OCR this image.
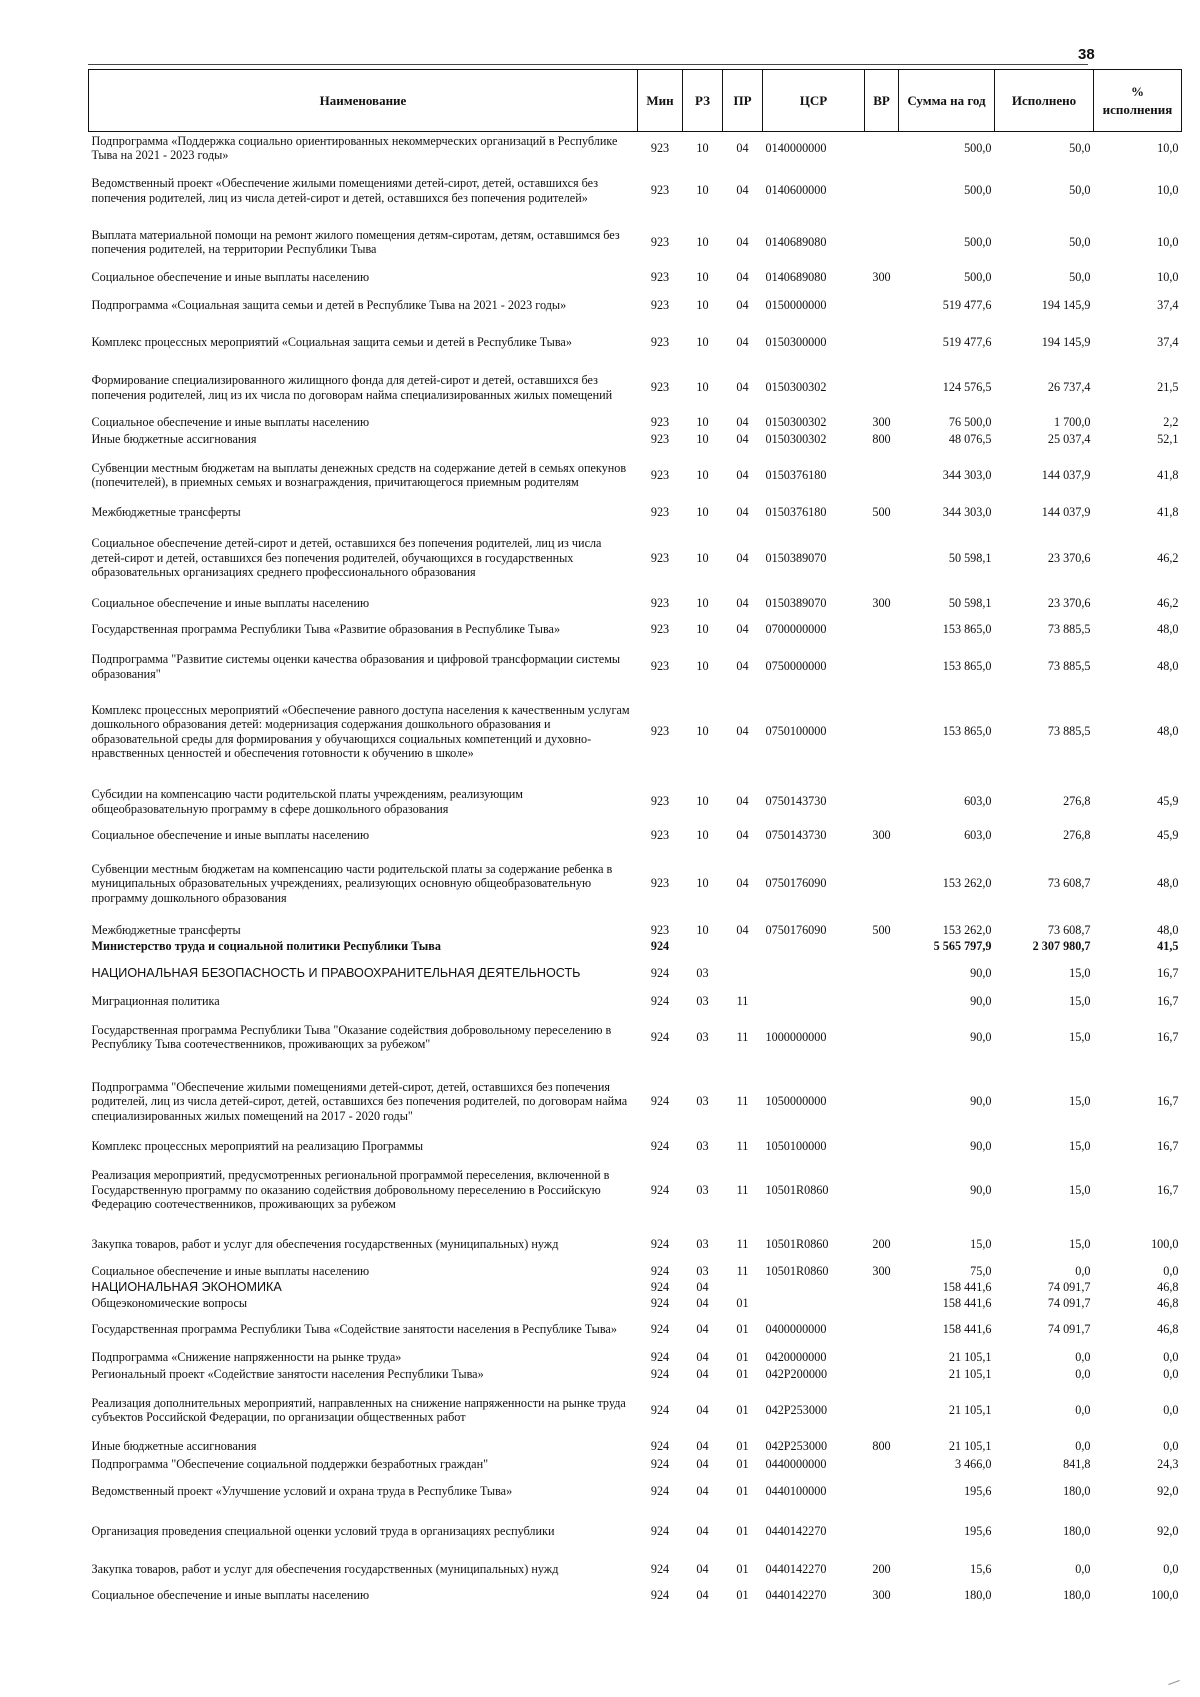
38
Наименование	Мин	РЗ	ПР	ЦСР	ВР	Сумма на год	Исполнено	% исполнения
Подпрограмма «Поддержка социально ориентированных некоммерческих организаций в Республике Тыва на 2021 - 2023 годы»	923	10	04	0140000000		500,0	50,0	10,0
Ведомственный проект «Обеспечение жилыми помещениями детей-сирот, детей, оставшихся без попечения родителей, лиц из числа детей-сирот и детей, оставшихся без попечения родителей»	923	10	04	0140600000		500,0	50,0	10,0
Выплата материальной помощи на ремонт жилого помещения детям-сиротам, детям, оставшимся без попечения родителей, на территории Республики Тыва	923	10	04	0140689080		500,0	50,0	10,0
Социальное обеспечение и иные выплаты населению	923	10	04	0140689080	300	500,0	50,0	10,0
Подпрограмма «Социальная защита семьи и детей в Республике Тыва на 2021 - 2023 годы»	923	10	04	0150000000		519 477,6	194 145,9	37,4
Комплекс процессных мероприятий «Социальная защита семьи и детей в Республике Тыва»	923	10	04	0150300000		519 477,6	194 145,9	37,4
Формирование специализированного жилищного фонда для детей-сирот и детей, оставшихся без попечения родителей, лиц из их числа по договорам найма специализированных жилых помещений	923	10	04	0150300302		124 576,5	26 737,4	21,5
Социальное обеспечение и иные выплаты населению	923	10	04	0150300302	300	76 500,0	1 700,0	2,2
Иные бюджетные ассигнования	923	10	04	0150300302	800	48 076,5	25 037,4	52,1
Субвенции местным бюджетам на выплаты денежных средств на содержание детей в семьях опекунов (попечителей), в приемных семьях и вознаграждения, причитающегося приемным родителям	923	10	04	0150376180		344 303,0	144 037,9	41,8
Межбюджетные трансферты	923	10	04	0150376180	500	344 303,0	144 037,9	41,8
Социальное обеспечение детей-сирот и детей, оставшихся без попечения родителей, лиц из числа детей-сирот и детей, оставшихся без попечения родителей, обучающихся в государственных образовательных организациях среднего профессионального образования	923	10	04	0150389070		50 598,1	23 370,6	46,2
Социальное обеспечение и иные выплаты населению	923	10	04	0150389070	300	50 598,1	23 370,6	46,2
Государственная программа Республики Тыва «Развитие образования в Республике Тыва»	923	10	04	0700000000		153 865,0	73 885,5	48,0
Подпрограмма "Развитие системы оценки качества образования и цифровой трансформации системы образования"	923	10	04	0750000000		153 865,0	73 885,5	48,0
Комплекс процессных мероприятий «Обеспечение равного доступа населения к качественным услугам дошкольного образования детей: модернизация содержания дошкольного образования и образовательной среды для формирования у обучающихся социальных компетенций и духовно-нравственных ценностей и обеспечения готовности к обучению в школе»	923	10	04	0750100000		153 865,0	73 885,5	48,0
Субсидии на компенсацию части родительской платы учреждениям, реализующим общеобразовательную программу в сфере дошкольного образования	923	10	04	0750143730		603,0	276,8	45,9
Социальное обеспечение и иные выплаты населению	923	10	04	0750143730	300	603,0	276,8	45,9
Субвенции местным бюджетам на компенсацию части родительской платы за содержание ребенка в муниципальных образовательных учреждениях, реализующих основную общеобразовательную программу дошкольного образования	923	10	04	0750176090		153 262,0	73 608,7	48,0
Межбюджетные трансферты	923	10	04	0750176090	500	153 262,0	73 608,7	48,0
Министерство труда и социальной политики Республики Тыва	924					5 565 797,9	2 307 980,7	41,5
НАЦИОНАЛЬНАЯ БЕЗОПАСНОСТЬ И ПРАВООХРАНИТЕЛЬНАЯ ДЕЯТЕЛЬНОСТЬ	924	03				90,0	15,0	16,7
Миграционная политика	924	03	11			90,0	15,0	16,7
Государственная программа Республики Тыва "Оказание содействия добровольному переселению в Республику Тыва соотечественников, проживающих за рубежом"	924	03	11	1000000000		90,0	15,0	16,7
Подпрограмма "Обеспечение жилыми помещениями детей-сирот, детей, оставшихся без попечения родителей, лиц из числа детей-сирот, детей, оставшихся без попечения родителей, по договорам найма специализированных жилых помещений на 2017 - 2020 годы"	924	03	11	1050000000		90,0	15,0	16,7
Комплекс процессных мероприятий на реализацию Программы	924	03	11	1050100000		90,0	15,0	16,7
Реализация мероприятий, предусмотренных региональной программой переселения, включенной в Государственную программу по оказанию содействия добровольному переселению в Российскую Федерацию соотечественников, проживающих за рубежом	924	03	11	10501R0860		90,0	15,0	16,7
Закупка товаров, работ и услуг для обеспечения государственных (муниципальных) нужд	924	03	11	10501R0860	200	15,0	15,0	100,0
Социальное обеспечение и иные выплаты населению	924	03	11	10501R0860	300	75,0	0,0	0,0
НАЦИОНАЛЬНАЯ ЭКОНОМИКА	924	04				158 441,6	74 091,7	46,8
Общеэкономические вопросы	924	04	01			158 441,6	74 091,7	46,8
Государственная программа Республики Тыва «Содействие занятости населения в Республике Тыва»	924	04	01	0400000000		158 441,6	74 091,7	46,8
Подпрограмма «Снижение напряженности на рынке труда»	924	04	01	0420000000		21 105,1	0,0	0,0
Региональный проект «Содействие занятости населения Республики Тыва»	924	04	01	042P200000		21 105,1	0,0	0,0
Реализация дополнительных мероприятий, направленных на снижение напряженности на рынке труда субъектов Российской Федерации, по организации общественных работ	924	04	01	042P253000		21 105,1	0,0	0,0
Иные бюджетные ассигнования	924	04	01	042P253000	800	21 105,1	0,0	0,0
Подпрограмма "Обеспечение социальной поддержки безработных граждан"	924	04	01	0440000000		3 466,0	841,8	24,3
Ведомственный проект «Улучшение условий и охрана труда в Республике Тыва»	924	04	01	0440100000		195,6	180,0	92,0
Организация проведения специальной оценки условий труда в организациях республики	924	04	01	0440142270		195,6	180,0	92,0
Закупка товаров, работ и услуг для обеспечения государственных (муниципальных) нужд	924	04	01	0440142270	200	15,6	0,0	0,0
Социальное обеспечение и иные выплаты населению	924	04	01	0440142270	300	180,0	180,0	100,0
